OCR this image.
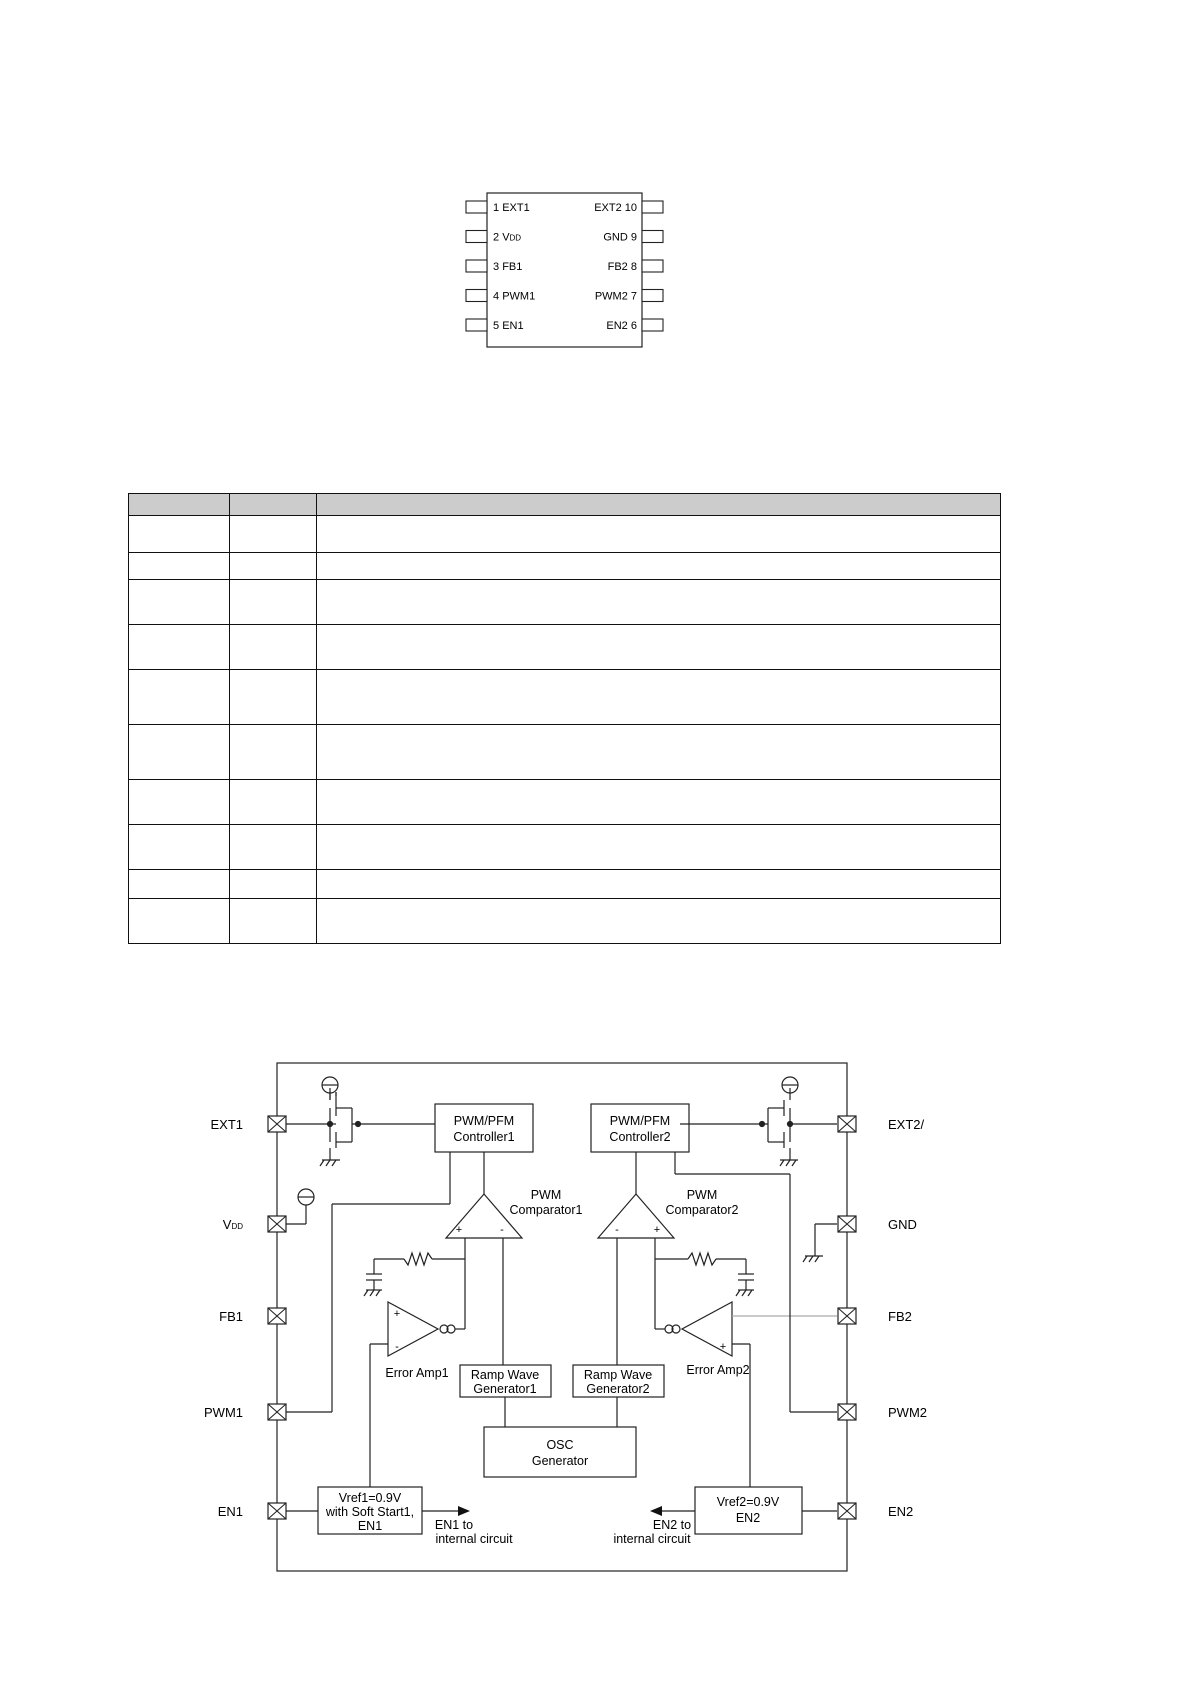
1 EXT1
2 VDD
3 FB1
4 PWM1
5 EN1
EXT2 10
GND 9
FB2 8
PWM2 7
EN2 6

+	-	-	+
+
-	+
EXT1
VDD
FB1
PWM1
EN1
EXT2/
GND
FB2
PWM2
EN2
PWM/PFM
Controller1
PWM/PFM
Controller2
PWM
Comparator1
PWM
Comparator2
Error Amp1	Error Amp2
Ramp Wave
Generator1
Ramp Wave
Generator2
OSC
Generator
Vref1=0.9V
with Soft Start1,
EN1
Vref2=0.9V
EN2
EN1 to
internal circuit
EN2 to
internal circuit
